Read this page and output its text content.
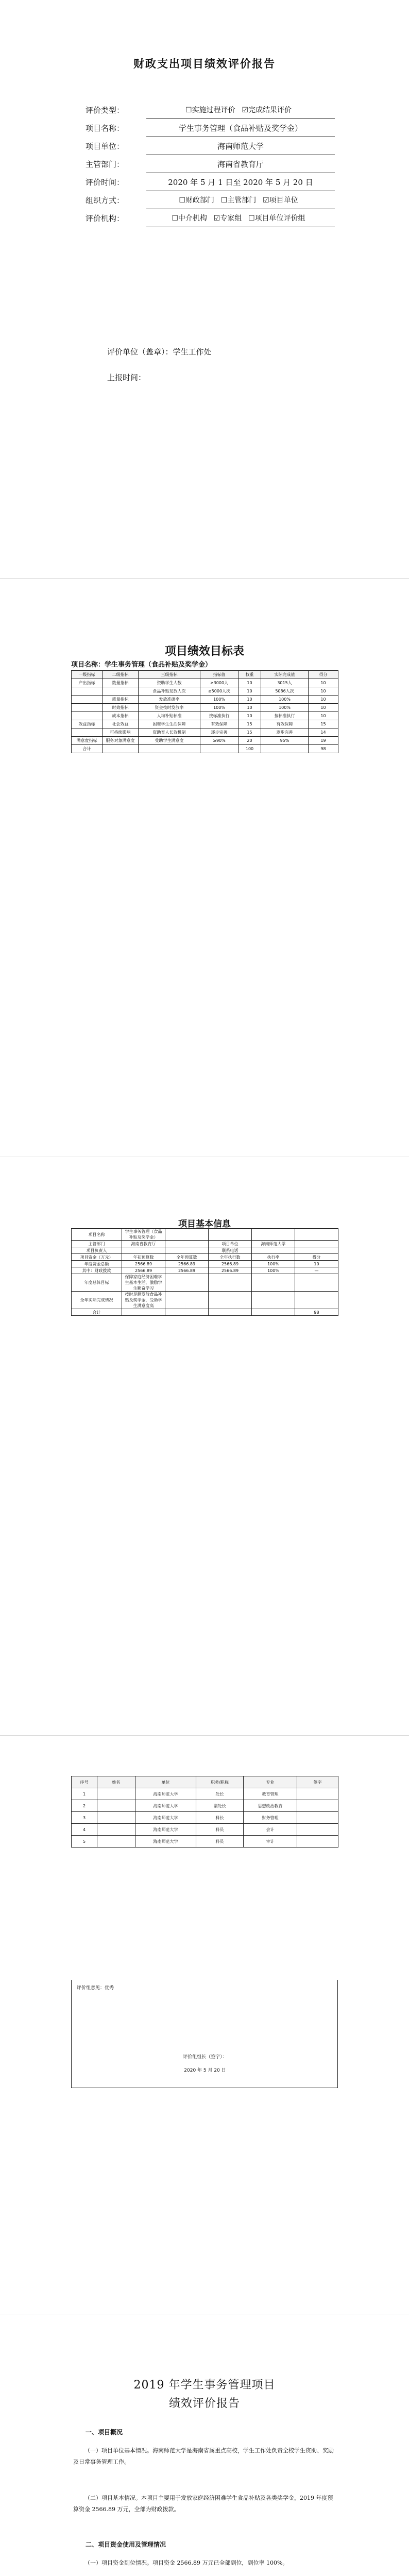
财政支出项目绩效评价报告
评价类型：	☐实施过程评价 ☑完成结果评价
项目名称：	学生事务管理（食品补贴及奖学金）
项目单位：	海南师范大学
主管部门：	海南省教育厅
评价时间：	2020 年 5 月 1 日至 2020 年 5 月 20 日
组织方式：	☐财政部门 ☐主管部门 ☑项目单位
评价机构：	☐中介机构 ☑专家组 ☐项目单位评价组
评价单位（盖章）：学生工作处
上报时间：
项目绩效目标表
项目名称：学生事务管理（食品补贴及奖学金）
一级指标	二级指标	三级指标	指标值	权重	实际完成值	得分
产出指标	数量指标	资助学生人数	≥3000人	10	3015人	10
		食品补贴发放人次	≥5000人次	10	5086人次	10
	质量指标	发放准确率	100%	10	100%	10
	时效指标	资金按时发放率	100%	10	100%	10
	成本指标	人均补贴标准	按标准执行	10	按标准执行	10
效益指标	社会效益	困难学生生活保障	有效保障	15	有效保障	15
	可持续影响	资助育人长效机制	逐步完善	15	逐步完善	14
满意度指标	服务对象满意度	受助学生满意度	≥90%	20	95%	19
合计				100		98
项目基本信息
项目名称	学生事务管理（食品补贴及奖学金）				
主管部门	海南省教育厅		项目单位	海南师范大学	
项目负责人			联系电话		
项目资金（万元）	年初预算数	全年预算数	全年执行数	执行率	得分
年度资金总额	2566.89	2566.89	2566.89	100%	10
其中：财政拨款	2566.89	2566.89	2566.89	100%	—
年度总体目标	保障家庭经济困难学生基本生活，激励学生勤奋学习				
全年实际完成情况	按时足额发放食品补贴及奖学金，受助学生满意度高				
合计					98
序号	姓名	单位	职务/职称	专业	签字
1		海南师范大学	处长	教育管理	
2		海南师范大学	副处长	思想政治教育	
3		海南师范大学	科长	财务管理	
4		海南师范大学	科员	会计	
5		海南师范大学	科员	审计	
评价组意见：优秀
评价组组长（签字）：
2020 年 5 月 20 日
2019 年学生事务管理项目
绩效评价报告

一、项目概况

（一）项目单位基本情况。海南师范大学是海南省属重点高校，学生工作处负责全校学生资助、奖励及日常事务管理工作。

（二）项目基本情况。本项目主要用于发放家庭经济困难学生食品补贴及各类奖学金，2019 年度预算资金 2566.89 万元，全部为财政拨款。

二、项目资金使用及管理情况

（一）项目资金到位情况。项目资金 2566.89 万元已全部到位，到位率 100%。
